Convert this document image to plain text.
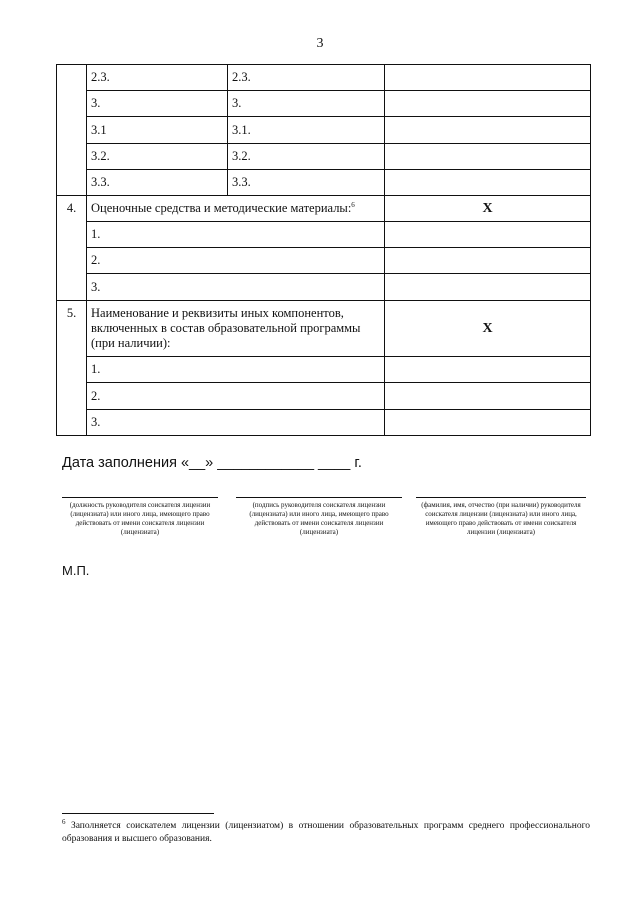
3
	2.3.	2.3.	
	3.	3.	
	3.1	3.1.	
	3.2.	3.2.	
	3.3.	3.3.	
4.	Оценочные средства и методические материалы:$^6$		X
	1.		
	2.		
	3.		
5.	Наименование и реквизиты иных компонентов, включенных в состав образовательной программы (при наличии):		X
	1.		
	2.		
	3.		
Дата заполнения «__» ____________ ____ г.
(должность руководителя соискателя лицензии (лицензиата) или иного лица, имеющего право действовать от имени соискателя лицензии (лицензиата)
(подпись руководителя соискателя лицензии (лицензиата) или иного лица, имеющего право действовать от имени соискателя лицензии (лицензиата)
(фамилия, имя, отчество (при наличии) руководителя соискателя лицензии (лицензиата) или иного лица, имеющего право действовать от имени соискателя лицензии (лицензиата)
М.П.
$^6$ Заполняется соискателем лицензии (лицензиатом) в отношении образовательных программ среднего профессионального образования и высшего образования.
